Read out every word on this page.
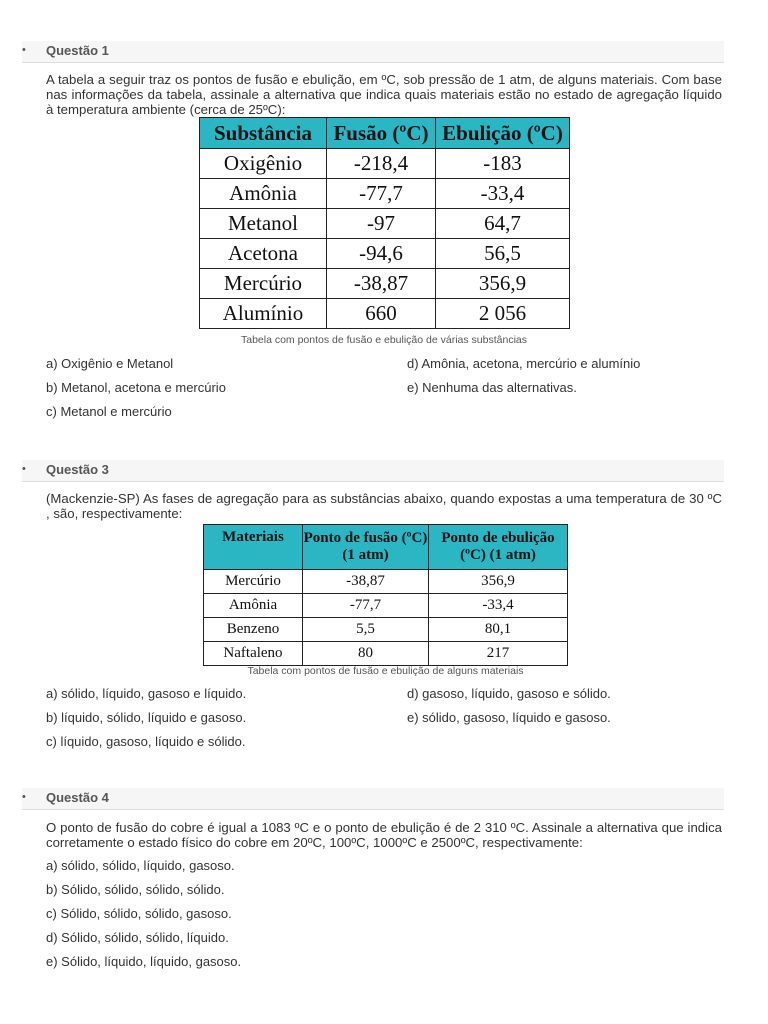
• Questão 1
A tabela a seguir traz os pontos de fusão e ebulição, em ºC, sob pressão de 1 atm, de alguns materiais. Com base nas informações da tabela, assinale a alternativa que indica quais materiais estão no estado de agregação líquido à temperatura ambiente (cerca de 25ºC):
Substância	Fusão (ºC)	Ebulição (ºC)
Oxigênio	-218,4	-183
Amônia	-77,7	-33,4
Metanol	-97	64,7
Acetona	-94,6	56,5
Mercúrio	-38,87	356,9
Alumínio	660	2 056
Tabela com pontos de fusão e ebulição de várias substâncias
a) Oxigênio e Metanol
b) Metanol, acetona e mercúrio
c) Metanol e mercúrio
d) Amônia, acetona, mercúrio e alumínio
e) Nenhuma das alternativas.
• Questão 3
(Mackenzie-SP) As fases de agregação para as substâncias abaixo, quando expostas a uma temperatura de 30 ºC , são, respectivamente:
Materiais	Ponto de fusão (ºC) (1 atm)	Ponto de ebulição (ºC) (1 atm)
Mercúrio	-38,87	356,9
Amônia	-77,7	-33,4
Benzeno	5,5	80,1
Naftaleno	80	217
Tabela com pontos de fusão e ebulição de alguns materiais
a) sólido, líquido, gasoso e líquido.
b) líquido, sólido, líquido e gasoso.
c) líquido, gasoso, líquido e sólido.
d) gasoso, líquido, gasoso e sólido.
e) sólido, gasoso, líquido e gasoso.
• Questão 4
O ponto de fusão do cobre é igual a 1083 ºC e o ponto de ebulição é de 2 310 ºC. Assinale a alternativa que indica corretamente o estado físico do cobre em 20ºC, 100ºC, 1000ºC e 2500ºC, respectivamente:
a) sólido, sólido, líquido, gasoso.
b) Sólido, sólido, sólido, sólido.
c) Sólido, sólido, sólido, gasoso.
d) Sólido, sólido, sólido, líquido.
e) Sólido, líquido, líquido, gasoso.
